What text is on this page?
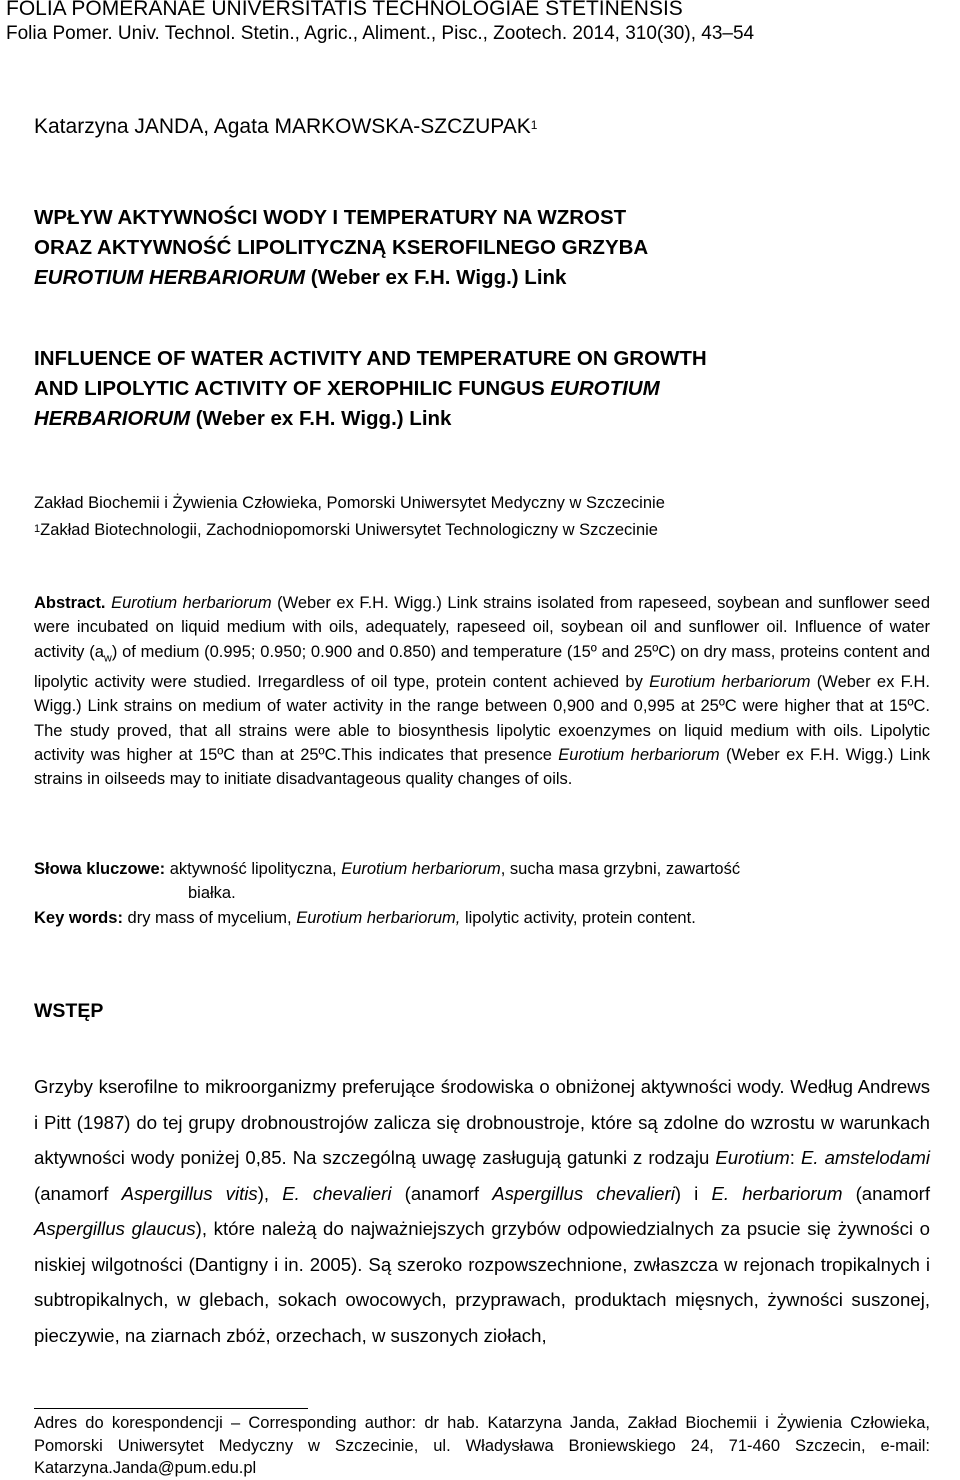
FOLIA POMERANAE UNIVERSITATIS TECHNOLOGIAE STETINENSIS
Folia Pomer. Univ. Technol. Stetin., Agric., Aliment., Pisc., Zootech. 2014, 310(30), 43–54
Katarzyna JANDA, Agata MARKOWSKA-SZCZUPAK$^1$
WPŁYW AKTYWNOŚCI WODY I TEMPERATURY NA WZROST
ORAZ AKTYWNOŚĆ LIPOLITYCZNĄ KSEROFILNEGO GRZYBA
EUROTIUM HERBARIORUM (Weber ex F.H. Wigg.) Link
INFLUENCE OF WATER ACTIVITY AND TEMPERATURE ON GROWTH
AND LIPOLYTIC ACTIVITY OF XEROPHILIC FUNGUS EUROTIUM
HERBARIORUM (Weber ex F.H. Wigg.) Link
Zakład Biochemii i Żywienia Człowieka, Pomorski Uniwersytet Medyczny w Szczecinie
$^1$Zakład Biotechnologii, Zachodniopomorski Uniwersytet Technologiczny w Szczecinie
Abstract. Eurotium herbariorum (Weber ex F.H. Wigg.) Link strains isolated from rapeseed, soybean and sunflower seed were incubated on liquid medium with oils, adequately, rapeseed oil, soybean oil and sunflower oil. Influence of water activity $(a_w)$ of medium (0.995; 0.950; 0.900 and 0.850) and temperature (15º and 25ºC) on dry mass, proteins content and lipolytic activity were studied. Irregardless of oil type, protein content achieved by Eurotium herbariorum (Weber ex F.H. Wigg.) Link strains on medium of water activity in the range between 0,900 and 0,995 at 25ºC were higher that at 15ºC. The study proved, that all strains were able to biosynthesis lipolytic exoenzymes on liquid medium with oils. Lipolytic activity was higher at 15ºC than at 25ºC.This indicates that presence Eurotium herbariorum (Weber ex F.H. Wigg.) Link strains in oilseeds may to initiate disadvantageous quality changes of oils.
Słowa kluczowe: aktywność lipolityczna, Eurotium herbariorum, sucha masa grzybni, zawartość
białka.
Key words: dry mass of mycelium, Eurotium herbariorum, lipolytic activity, protein content.
WSTĘP

Grzyby kserofilne to mikroorganizmy preferujące środowiska o obniżonej aktywności wody. Według Andrews i Pitt (1987) do tej grupy drobnoustrojów zalicza się drobnoustroje, które są zdolne do wzrostu w warunkach aktywności wody poniżej 0,85. Na szczególną uwagę zasługują gatunki z rodzaju Eurotium: E. amstelodami (anamorf Aspergillus vitis), E. chevalieri (anamorf Aspergillus chevalieri) i E. herbariorum (anamorf Aspergillus glaucus), które należą do najważniejszych grzybów odpowiedzialnych za psucie się żywności o niskiej wilgotności (Dantigny i in. 2005). Są szeroko rozpowszechnione, zwłaszcza w rejonach tropikalnych i subtropikalnych, w glebach, sokach owocowych, przyprawach, produktach mięsnych, żywności suszonej, pieczywie, na ziarnach zbóż, orzechach, w suszonych ziołach,

Adres do korespondencji – Corresponding author: dr hab. Katarzyna Janda, Zakład Biochemii i Żywienia Człowieka, Pomorski Uniwersytet Medyczny w Szczecinie, ul. Władysława Broniewskiego 24, 71-460 Szczecin, e-mail: Katarzyna.Janda@pum.edu.pl
